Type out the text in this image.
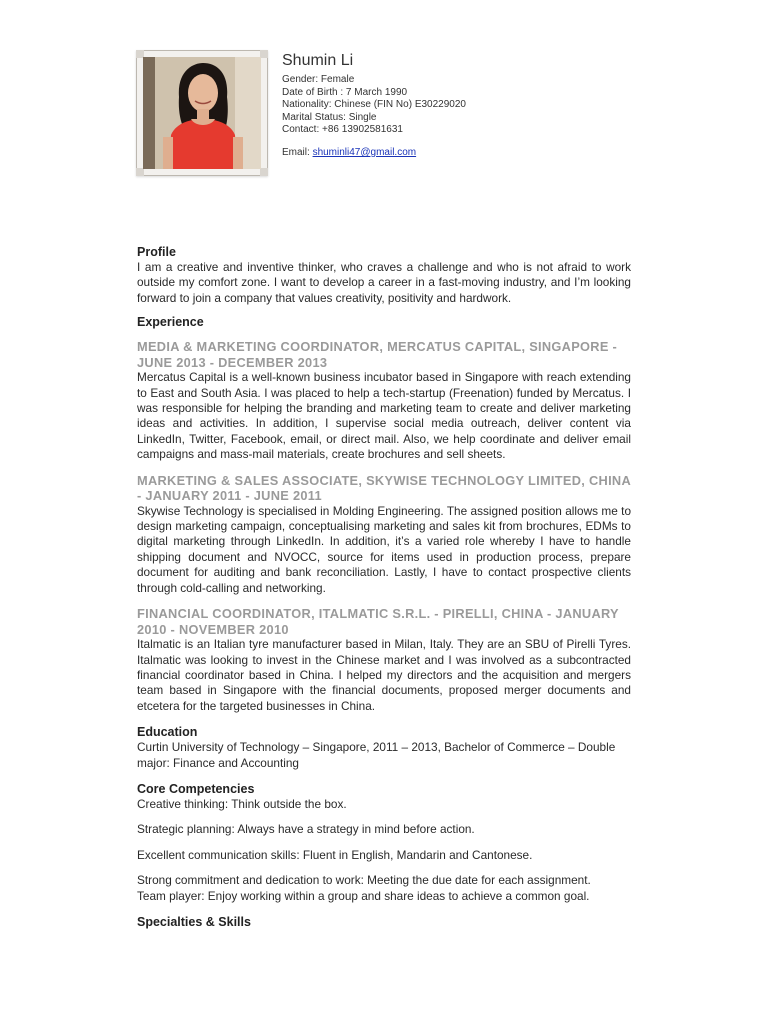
Shumin Li
Gender: Female
Date of Birth : 7 March 1990
Nationality: Chinese (FIN No) E30229020
Marital Status: Single
Contact: +86 13902581631
Email: shuminli47@gmail.com
Profile

I am a creative and inventive thinker, who craves a challenge and who is not afraid to work outside my comfort zone. I want to develop a career in a fast-moving industry, and I’m looking forward to join a company that values creativity, positivity and hardwork.

Experience
MEDIA & MARKETING COORDINATOR, MERCATUS CAPITAL, SINGAPORE - JUNE 2013 - DECEMBER 2013

Mercatus Capital is a well-known business incubator based in Singapore with reach extending to East and South Asia. I was placed to help a tech-startup (Freenation) funded by Mercatus. I was responsible for helping the branding and marketing team to create and deliver marketing ideas and activities. In addition, I supervise social media outreach, deliver content via LinkedIn, Twitter, Facebook, email, or direct mail. Also, we help coordinate and deliver email campaigns and mass-mail materials, create brochures and sell sheets.

MARKETING & SALES ASSOCIATE, SKYWISE TECHNOLOGY LIMITED, CHINA - JANUARY 2011 - JUNE 2011

Skywise Technology is specialised in Molding Engineering. The assigned position allows me to design marketing campaign, conceptualising marketing and sales kit from brochures, EDMs to digital marketing through LinkedIn. In addition, it’s a varied role whereby I have to handle shipping document and NVOCC, source for items used in production process, prepare document for auditing and bank reconciliation. Lastly, I have to contact prospective clients through cold-calling and networking.

FINANCIAL COORDINATOR, ITALMATIC S.R.L. - PIRELLI, CHINA - JANUARY 2010 - NOVEMBER 2010

Italmatic is an Italian tyre manufacturer based in Milan, Italy. They are an SBU of Pirelli Tyres. Italmatic was looking to invest in the Chinese market and I was involved as a subcontracted financial coordinator based in China. I helped my directors and the acquisition and mergers team based in Singapore with the financial documents, proposed merger documents and etcetera for the targeted businesses in China.

Education

Curtin University of Technology – Singapore, 2011 – 2013, Bachelor of Commerce – Double major: Finance and Accounting

Core Competencies

Creative thinking: Think outside the box.

Strategic planning: Always have a strategy in mind before action.

Excellent communication skills: Fluent in English, Mandarin and Cantonese.

Strong commitment and dedication to work: Meeting the due date for each assignment.

Team player: Enjoy working within a group and share ideas to achieve a common goal.

Specialties & Skills
